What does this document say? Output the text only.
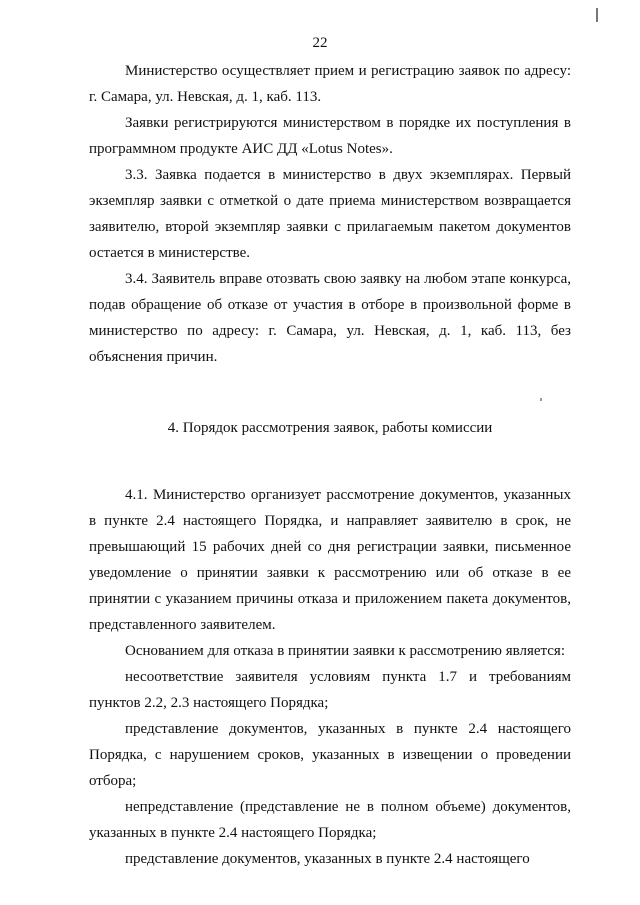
22

Министерство осуществляет прием и регистрацию заявок по адресу: г. Самара, ул. Невская, д. 1, каб. 113.

Заявки регистрируются министерством в порядке их поступления в программном продукте АИС ДД «Lotus Notes».

3.3. Заявка подается в министерство в двух экземплярах. Первый экземпляр заявки с отметкой о дате приема министерством возвращается заявителю, второй экземпляр заявки с прилагаемым пакетом документов остается в министерстве.

3.4. Заявитель вправе отозвать свою заявку на любом этапе конкурса, подав обращение об отказе от участия в отборе в произвольной форме в министерство по адресу: г. Самара, ул. Невская, д. 1, каб. 113, без объяснения причин.

4. Порядок рассмотрения заявок, работы комиссии

4.1. Министерство организует рассмотрение документов, указанных в пункте 2.4 настоящего Порядка, и направляет заявителю в срок, не превышающий 15 рабочих дней со дня регистрации заявки, письменное уведомление о принятии заявки к рассмотрению или об отказе в ее принятии с указанием причины отказа и приложением пакета документов, представленного заявителем.

Основанием для отказа в принятии заявки к рассмотрению является:

несоответствие заявителя условиям пункта 1.7 и требованиям пунктов 2.2, 2.3 настоящего Порядка;

представление документов, указанных в пункте 2.4 настоящего Порядка, с нарушением сроков, указанных в извещении о проведении отбора;

непредставление (представление не в полном объеме) документов, указанных в пункте 2.4 настоящего Порядка;

представление документов, указанных в пункте 2.4 настоящего
